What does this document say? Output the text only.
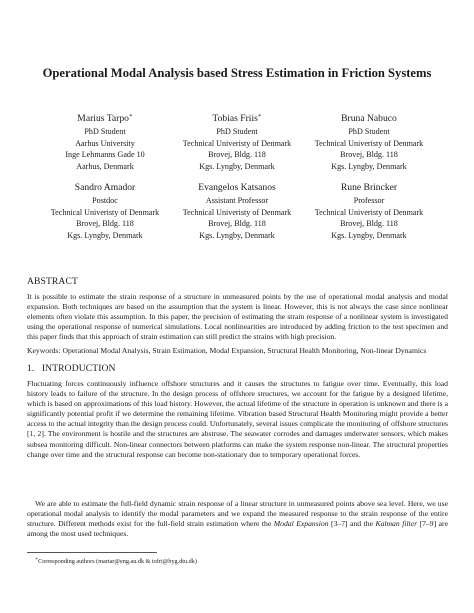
Operational Modal Analysis based Stress Estimation in Friction Systems
Marius Tarpo∗
PhD Student
Aarhus University
Inge Lehmanns Gade 10
Aarhus, Denmark
Tobias Friis∗
PhD Student
Technical Univeristy of Denmark
Brovej, Bldg. 118
Kgs. Lyngby, Denmark
Bruna Nabuco
PhD Student
Technical Univeristy of Denmark
Brovej, Bldg. 118
Kgs. Lyngby, Denmark
Sandro Amador
Postdoc
Technical Univeristy of Denmark
Brovej, Bldg. 118
Kgs. Lyngby, Denmark
Evangelos Katsanos
Assistant Professor
Technical Univeristy of Denmark
Brovej, Bldg. 118
Kgs. Lyngby, Denmark
Rune Brincker
Professor
Technical Univeristy of Denmark
Brovej, Bldg. 118
Kgs. Lyngby, Denmark
ABSTRACT

It is possible to estimate the strain response of a structure in unmeasured points by the use of operational modal analysis and modal expansion. Both techniques are based on the assumption that the system is linear. However, this is not always the case since nonlinear elements often violate this assumption. In this paper, the precision of estimating the strain response of a nonlinear system is investigated using the operational response of numerical simulations. Local nonlinearities are introduced by adding friction to the test specimen and this paper finds that this approach of strain estimation can still predict the strains with high precision.

Keywords: Operational Modal Analysis, Strain Estimation, Modal Expansion, Structural Health Monitoring, Non-linear Dynamics

1.   INTRODUCTION

Fluctuating forces continuously influence offshore structures and it causes the structures to fatigue over time. Eventually, this load history leads to failure of the structure. In the design process of offshore structures, we account for the fatigue by a designed lifetime, which is based on approximations of this load history. However, the actual lifetime of the structure in operation is unknown and there is a significantly potential profit if we determine the remaining lifetime. Vibration based Structural Health Monitoring might provide a better access to the actual integrity than the design process could. Unfortunately, several issues complicate the monitoring of offshore structures [1, 2]. The environment is hostile and the structures are abstruse. The seawater corrodes and damages underwater sensors, which makes subsea monitoring difficult. Non-linear connectors between platforms can make the system response non-linear. The structural properties change over time and the structural response can become non-stationary due to temporary operational forces.

We are able to estimate the full-field dynamic strain response of a linear structure in unmeasured points above sea level. Here, we use operational modal analysis to identify the modal parameters and we expand the measured response to the strain response of the entire structure. Different methods exist for the full-field strain estimation where the Modal Expansion [3–7] and the Kalman filter [7–9] are among the most used techniques.

∗Corresponding authors (martar@eng.au.dk & tofri@byg.dtu.dk)
